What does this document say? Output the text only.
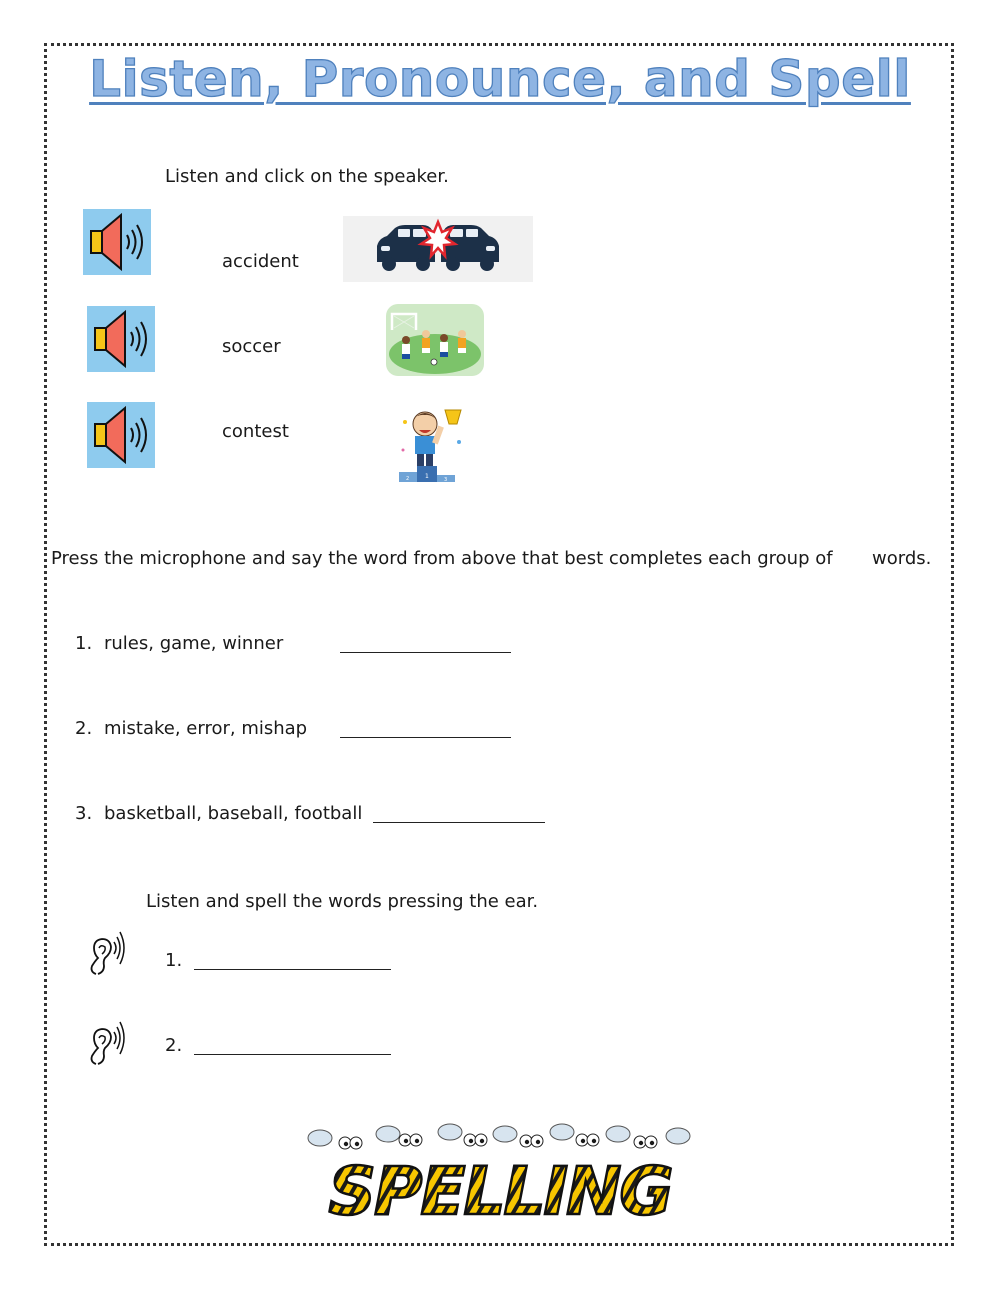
Listen, Pronounce, and Spell
Listen and click on the speaker.
accident
soccer
contest
1
2	3
Press the microphone and say the word from above that best completes each group of words.
1. rules, game, winner
2. mistake, error, mishap
3. basketball, baseball, football
Listen and spell the words pressing the ear.
1.
2.
SPELLING
